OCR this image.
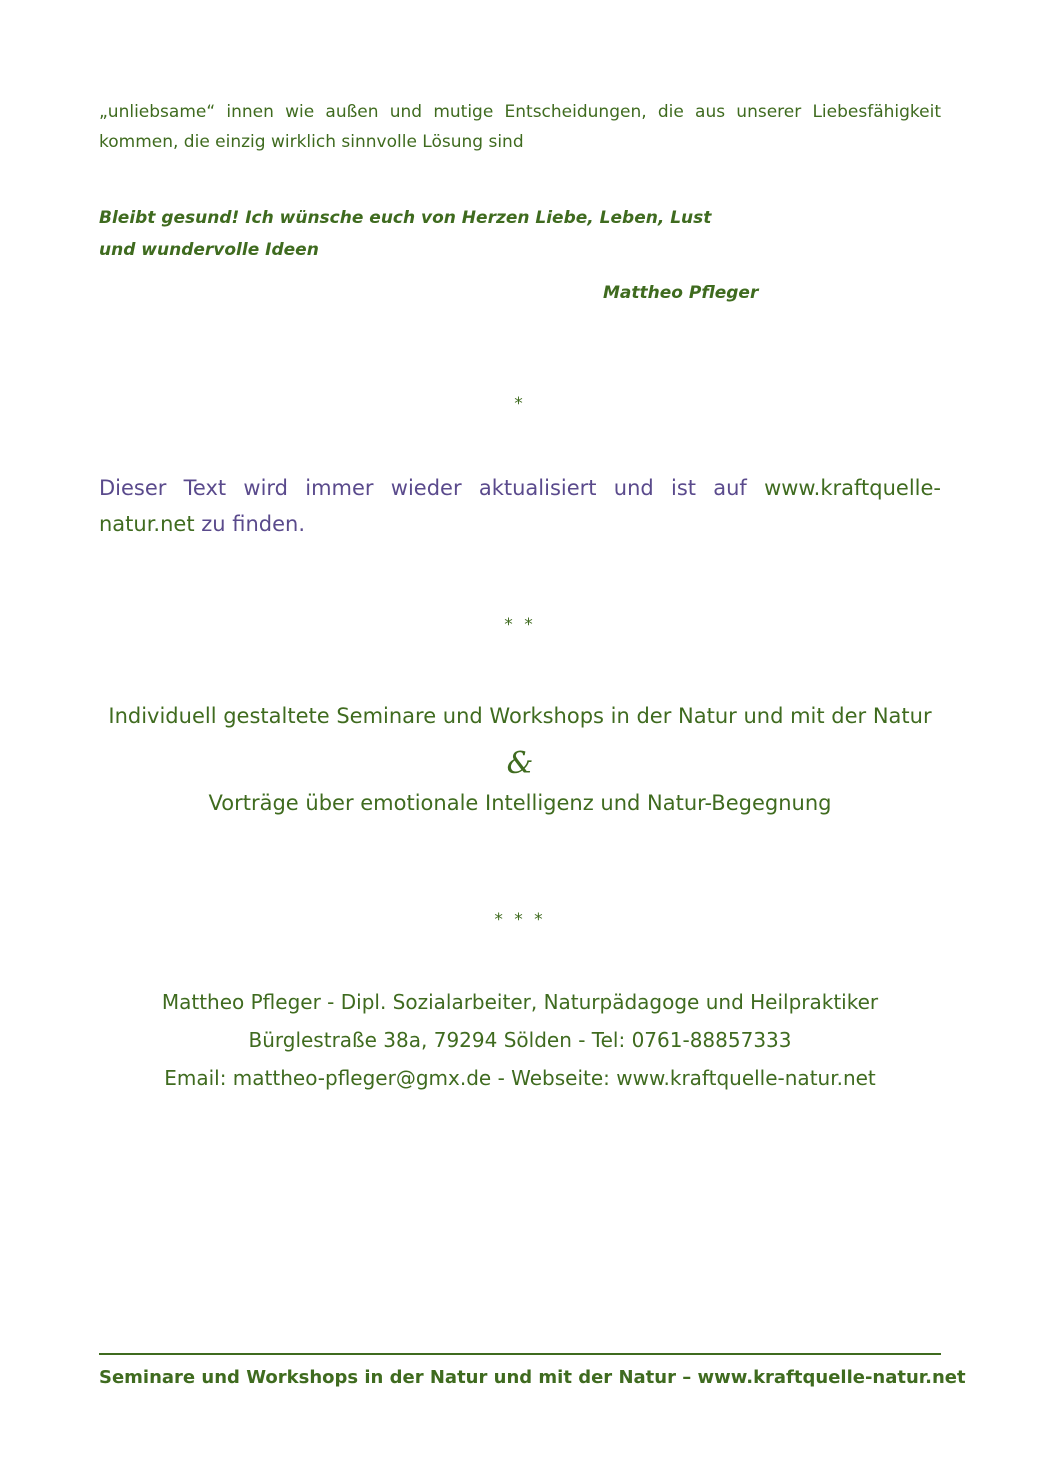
„unliebsame“ innen wie außen und mutige Entscheidungen, die aus unserer Liebesfähigkeit kommen, die einzig wirklich sinnvolle Lösung sind
Bleibt gesund! Ich wünsche euch von Herzen Liebe, Leben, Lust und wundervolle Ideen
Mattheo Pfleger
*
Dieser Text wird immer wieder aktualisiert und ist auf www.kraftquelle-natur.net zu finden.
* *
Individuell gestaltete Seminare und Workshops in der Natur und mit der Natur
&
Vorträge über emotionale Intelligenz und Natur-Begegnung
* * *
Mattheo Pfleger - Dipl. Sozialarbeiter, Naturpädagoge und Heilpraktiker
Bürglestraße 38a, 79294 Sölden - Tel: 0761-88857333
Email: mattheo-pfleger@gmx.de - Webseite: www.kraftquelle-natur.net
Seminare und Workshops in der Natur und mit der Natur – www.kraftquelle-natur.net
